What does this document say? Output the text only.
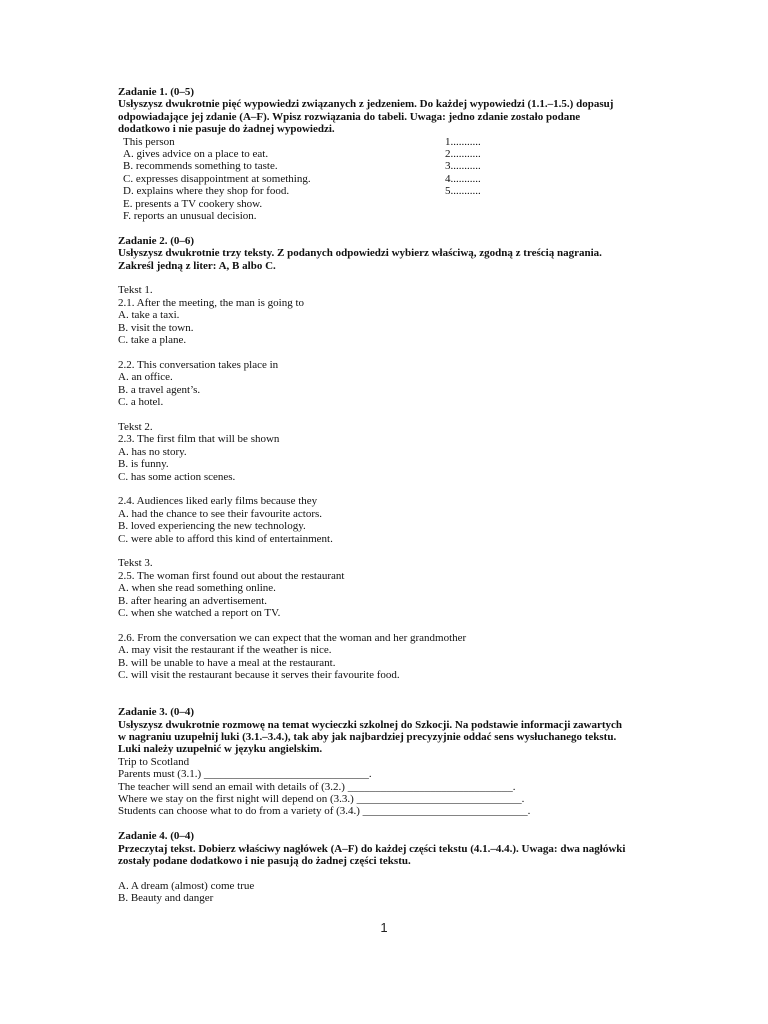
Zadanie 1. (0–5)
Usłyszysz dwukrotnie pięć wypowiedzi związanych z jedzeniem. Do każdej wypowiedzi (1.1.–1.5.) dopasuj
odpowiadające jej zdanie (A–F). Wpisz rozwiązania do tabeli. Uwaga: jedno zdanie zostało podane
dodatkowo i nie pasuje do żadnej wypowiedzi.
This person	1...........
A. gives advice on a place to eat.	2...........
B. recommends something to taste.	3...........
C. expresses disappointment at something.	4...........
D. explains where they shop for food.	5...........
E. presents a TV cookery show.
F. reports an unusual decision.
Zadanie 2. (0–6)
Usłyszysz dwukrotnie trzy teksty. Z podanych odpowiedzi wybierz właściwą, zgodną z treścią nagrania.
Zakreśl jedną z liter: A, B albo C.
Tekst 1.
2.1. After the meeting, the man is going to
A. take a taxi.
B. visit the town.
C. take a plane.
2.2. This conversation takes place in
A. an office.
B. a travel agent’s.
C. a hotel.
Tekst 2.
2.3. The first film that will be shown
A. has no story.
B. is funny.
C. has some action scenes.
2.4. Audiences liked early films because they
A. had the chance to see their favourite actors.
B. loved experiencing the new technology.
C. were able to afford this kind of entertainment.
Tekst 3.
2.5. The woman first found out about the restaurant
A. when she read something online.
B. after hearing an advertisement.
C. when she watched a report on TV.
2.6. From the conversation we can expect that the woman and her grandmother
A. may visit the restaurant if the weather is nice.
B. will be unable to have a meal at the restaurant.
C. will visit the restaurant because it serves their favourite food.
Zadanie 3. (0–4)
Usłyszysz dwukrotnie rozmowę na temat wycieczki szkolnej do Szkocji. Na podstawie informacji zawartych
w nagraniu uzupełnij luki (3.1.–3.4.), tak aby jak najbardziej precyzyjnie oddać sens wysłuchanego tekstu.
Luki należy uzupełnić w języku angielskim.
Trip to Scotland
Parents must (3.1.) ______________________________.
The teacher will send an email with details of (3.2.) ______________________________.
Where we stay on the first night will depend on (3.3.) ______________________________.
Students can choose what to do from a variety of (3.4.) ______________________________.
Zadanie 4. (0–4)
Przeczytaj tekst. Dobierz właściwy nagłówek (A–F) do każdej części tekstu (4.1.–4.4.). Uwaga: dwa nagłówki
zostały podane dodatkowo i nie pasują do żadnej części tekstu.
A. A dream (almost) come true
B. Beauty and danger
1
